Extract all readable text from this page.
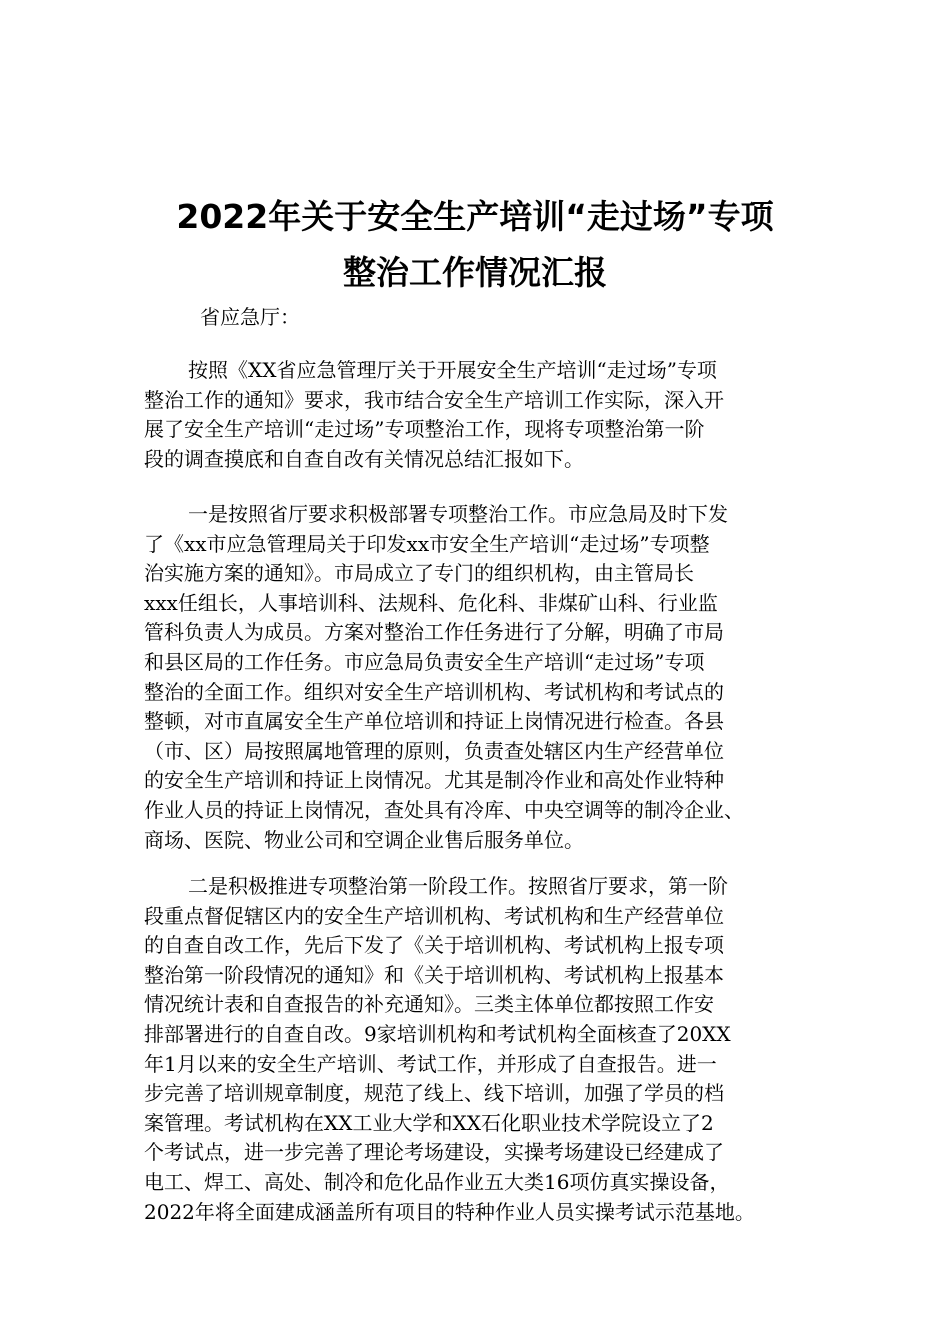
2022年关于安全生产培训“走过场”专项
整治工作情况汇报
省应急厅：
按照《XX省应急管理厅关于开展安全生产培训“走过场”专项
整治工作的通知》要求，我市结合安全生产培训工作实际，深入开
展了安全生产培训“走过场”专项整治工作，现将专项整治第一阶
段的调查摸底和自查自改有关情况总结汇报如下。
一是按照省厅要求积极部署专项整治工作。市应急局及时下发
了《xx市应急管理局关于印发xx市安全生产培训“走过场”专项整
治实施方案的通知》。市局成立了专门的组织机构，由主管局长
xxx任组长，人事培训科、法规科、危化科、非煤矿山科、行业监
管科负责人为成员。方案对整治工作任务进行了分解，明确了市局
和县区局的工作任务。市应急局负责安全生产培训“走过场”专项
整治的全面工作。组织对安全生产培训机构、考试机构和考试点的
整顿，对市直属安全生产单位培训和持证上岗情况进行检查。各县
（市、区）局按照属地管理的原则，负责查处辖区内生产经营单位
的安全生产培训和持证上岗情况。尤其是制冷作业和高处作业特种
作业人员的持证上岗情况，查处具有冷库、中央空调等的制冷企业、
商场、医院、物业公司和空调企业售后服务单位。
二是积极推进专项整治第一阶段工作。按照省厅要求，第一阶
段重点督促辖区内的安全生产培训机构、考试机构和生产经营单位
的自查自改工作，先后下发了《关于培训机构、考试机构上报专项
整治第一阶段情况的通知》和《关于培训机构、考试机构上报基本
情况统计表和自查报告的补充通知》。三类主体单位都按照工作安
排部署进行的自查自改。9家培训机构和考试机构全面核查了20XX
年1月以来的安全生产培训、考试工作，并形成了自查报告。进一
步完善了培训规章制度，规范了线上、线下培训，加强了学员的档
案管理。考试机构在XX工业大学和XX石化职业技术学院设立了2
个考试点，进一步完善了理论考场建设，实操考场建设已经建成了
电工、焊工、高处、制冷和危化品作业五大类16项仿真实操设备，
2022年将全面建成涵盖所有项目的特种作业人员实操考试示范基地。
